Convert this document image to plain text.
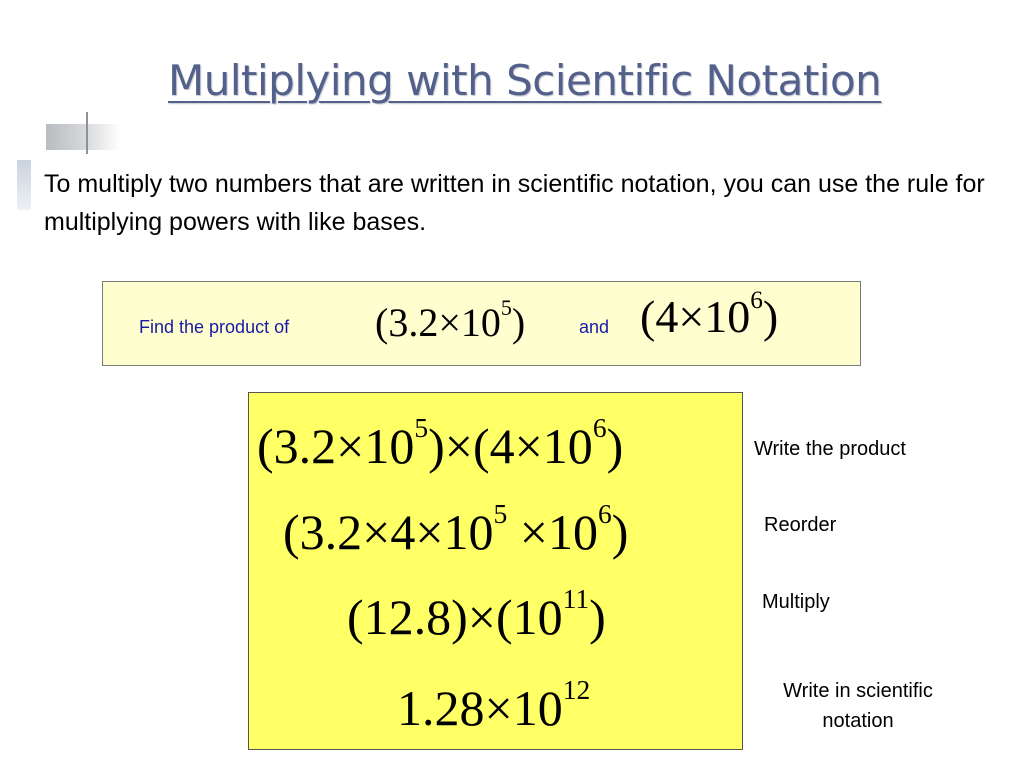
Multiplying with Scientific Notation

To multiply two numbers that are written in scientific notation, you can use the rule for multiplying powers with like bases.

Find the product of $(3.2\times 10^5)$	and $(4\times 10^6)$
$(3.2\times 10^5)\times(4\times 10^6)$
$(3.2\times 4\times 10^5 \times 10^6)$
$(12.8)\times(10^{11})$
$1.28\times 10^{12}$
Write the product
Reorder
Multiply
Write in scientific notation
